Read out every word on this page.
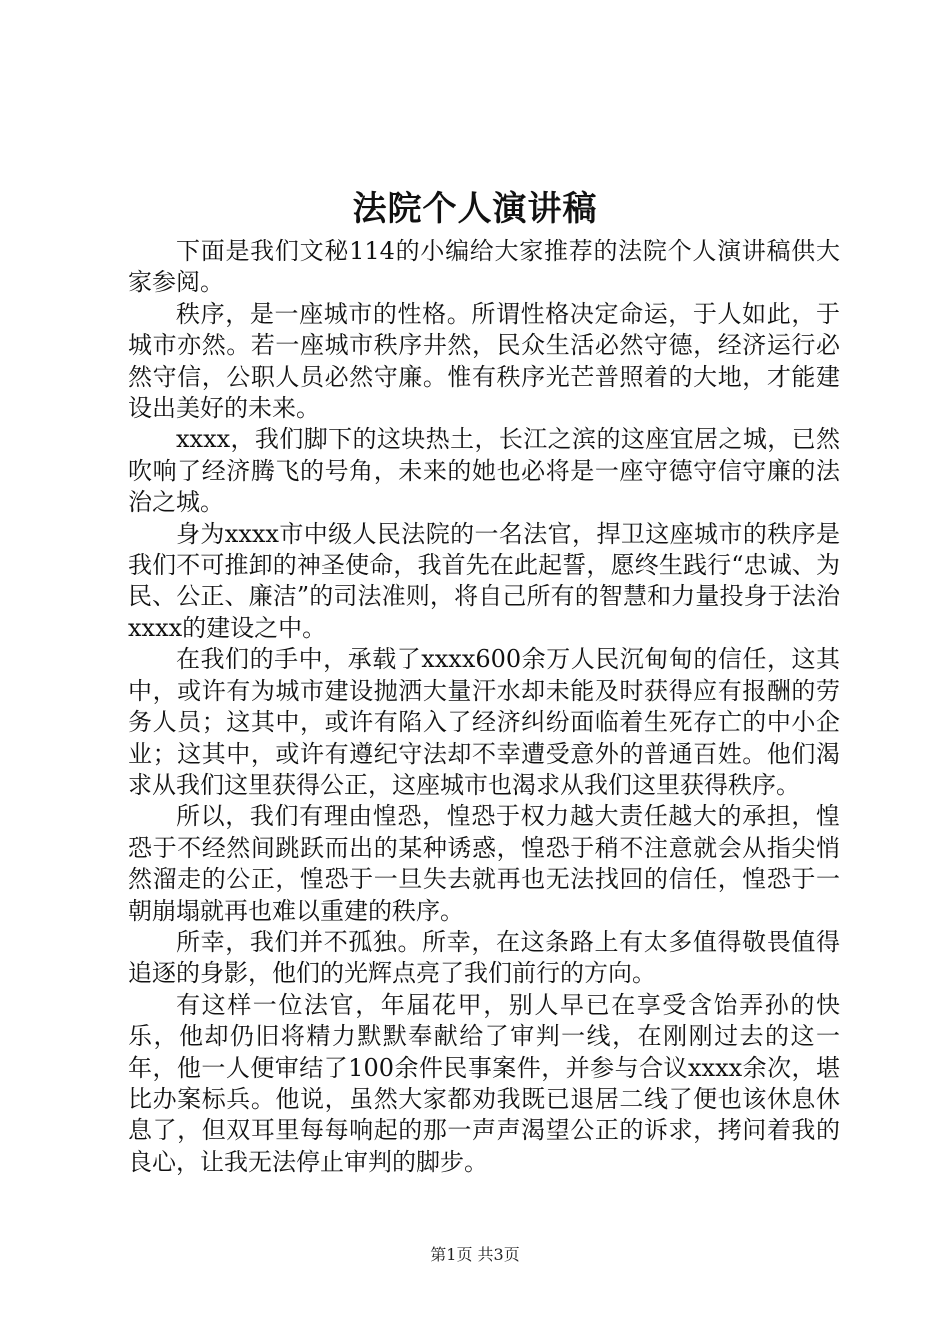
法院个人演讲稿

下面是我们文秘114的小编给大家推荐的法院个人演讲稿供大家参阅。

秩序，是一座城市的性格。所谓性格决定命运，于人如此，于城市亦然。若一座城市秩序井然，民众生活必然守德，经济运行必然守信，公职人员必然守廉。惟有秩序光芒普照着的大地，才能建设出美好的未来。

xxxx，我们脚下的这块热土，长江之滨的这座宜居之城，已然吹响了经济腾飞的号角，未来的她也必将是一座守德守信守廉的法治之城。

身为xxxx市中级人民法院的一名法官，捍卫这座城市的秩序是我们不可推卸的神圣使命，我首先在此起誓，愿终生践行“忠诚、为民、公正、廉洁”的司法准则，将自己所有的智慧和力量投身于法治xxxx的建设之中。

在我们的手中，承载了xxxx600余万人民沉甸甸的信任，这其中，或许有为城市建设抛洒大量汗水却未能及时获得应有报酬的劳务人员；这其中，或许有陷入了经济纠纷面临着生死存亡的中小企业；这其中，或许有遵纪守法却不幸遭受意外的普通百姓。他们渴求从我们这里获得公正，这座城市也渴求从我们这里获得秩序。

所以，我们有理由惶恐，惶恐于权力越大责任越大的承担，惶恐于不经然间跳跃而出的某种诱惑，惶恐于稍不注意就会从指尖悄然溜走的公正，惶恐于一旦失去就再也无法找回的信任，惶恐于一朝崩塌就再也难以重建的秩序。

所幸，我们并不孤独。所幸，在这条路上有太多值得敬畏值得追逐的身影，他们的光辉点亮了我们前行的方向。

有这样一位法官，年届花甲，别人早已在享受含饴弄孙的快乐，他却仍旧将精力默默奉献给了审判一线，在刚刚过去的这一年，他一人便审结了100余件民事案件，并参与合议xxxx余次，堪比办案标兵。他说，虽然大家都劝我既已退居二线了便也该休息休息了，但双耳里每每响起的那一声声渴望公正的诉求，拷问着我的良心，让我无法停止审判的脚步。

第1页 共3页
